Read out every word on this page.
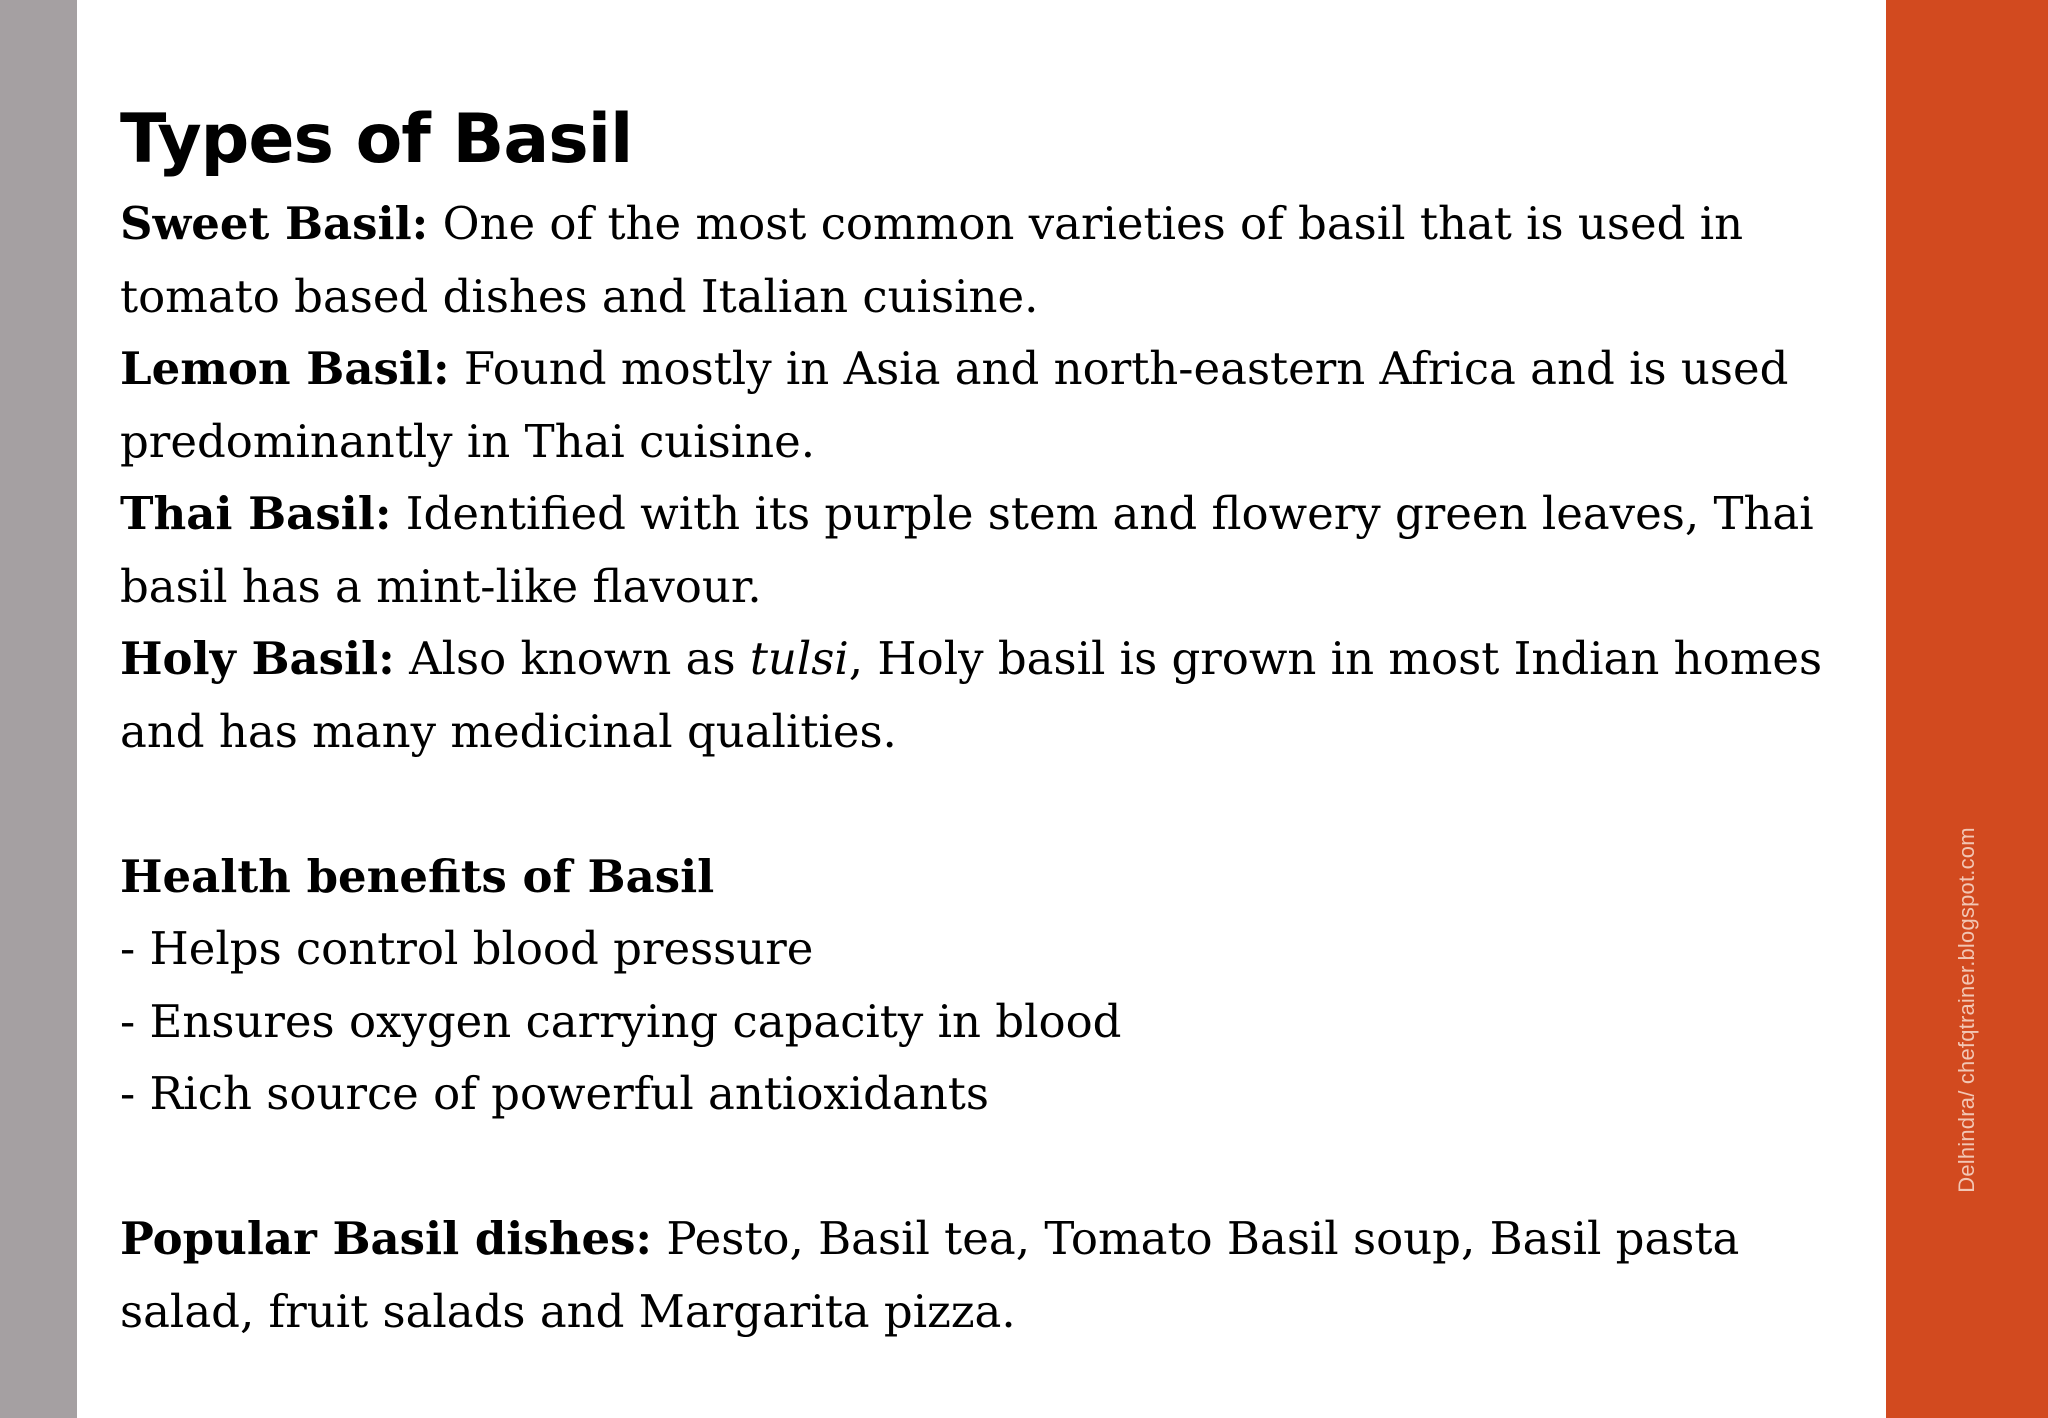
Delhindra/ chefqtrainer.blogspot.com
Types of Basil

Sweet Basil: One of the most common varieties of basil that is used in tomato based dishes and Italian cuisine.

Lemon Basil: Found mostly in Asia and north-eastern Africa and is used predominantly in Thai cuisine.

Thai Basil: Identified with its purple stem and flowery green leaves, Thai basil has a mint-like flavour.

Holy Basil: Also known as tulsi, Holy basil is grown in most Indian homes and has many medicinal qualities.

Health benefits of Basil

- Helps control blood pressure

- Ensures oxygen carrying capacity in blood

- Rich source of powerful antioxidants

Popular Basil dishes: Pesto, Basil tea, Tomato Basil soup, Basil pasta salad, fruit salads and Margarita pizza.
